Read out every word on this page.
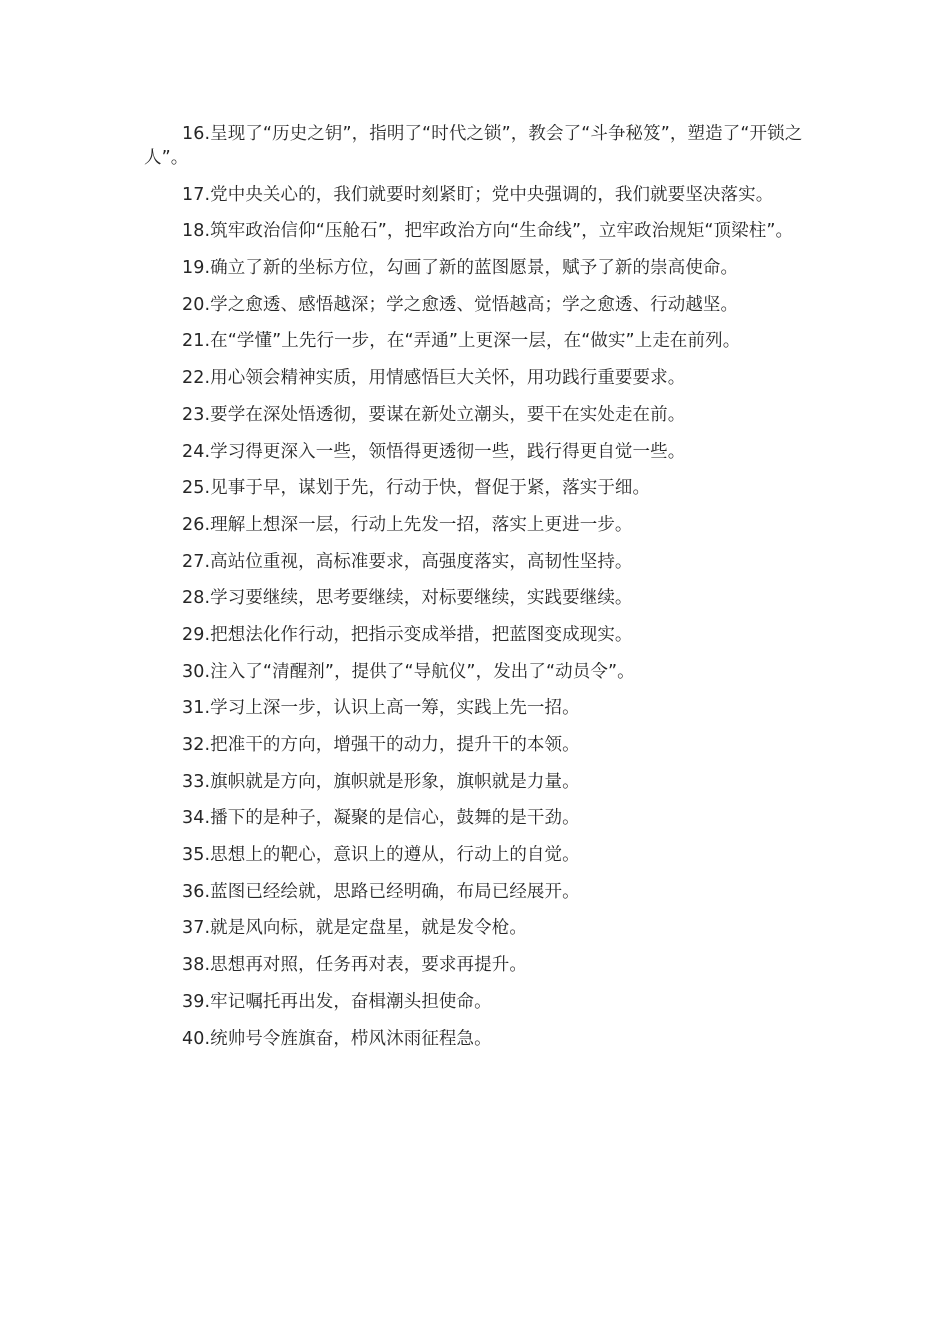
16.呈现了“历史之钥”，指明了“时代之锁”，教会了“斗争秘笈”，塑造了“开锁之人”。

17.党中央关心的，我们就要时刻紧盯；党中央强调的，我们就要坚决落实。

18.筑牢政治信仰“压舱石”，把牢政治方向“生命线”，立牢政治规矩“顶梁柱”。

19.确立了新的坐标方位，勾画了新的蓝图愿景，赋予了新的崇高使命。

20.学之愈透、感悟越深；学之愈透、觉悟越高；学之愈透、行动越坚。

21.在“学懂”上先行一步，在“弄通”上更深一层，在“做实”上走在前列。

22.用心领会精神实质，用情感悟巨大关怀，用功践行重要要求。

23.要学在深处悟透彻，要谋在新处立潮头，要干在实处走在前。

24.学习得更深入一些，领悟得更透彻一些，践行得更自觉一些。

25.见事于早，谋划于先，行动于快，督促于紧，落实于细。

26.理解上想深一层，行动上先发一招，落实上更进一步。

27.高站位重视，高标准要求，高强度落实，高韧性坚持。

28.学习要继续，思考要继续，对标要继续，实践要继续。

29.把想法化作行动，把指示变成举措，把蓝图变成现实。

30.注入了“清醒剂”，提供了“导航仪”，发出了“动员令”。

31.学习上深一步，认识上高一筹，实践上先一招。

32.把准干的方向，增强干的动力，提升干的本领。

33.旗帜就是方向，旗帜就是形象，旗帜就是力量。

34.播下的是种子，凝聚的是信心，鼓舞的是干劲。

35.思想上的靶心，意识上的遵从，行动上的自觉。

36.蓝图已经绘就，思路已经明确，布局已经展开。

37.就是风向标，就是定盘星，就是发令枪。

38.思想再对照，任务再对表，要求再提升。

39.牢记嘱托再出发，奋楫潮头担使命。

40.统帅号令旌旗奋，栉风沐雨征程急。
